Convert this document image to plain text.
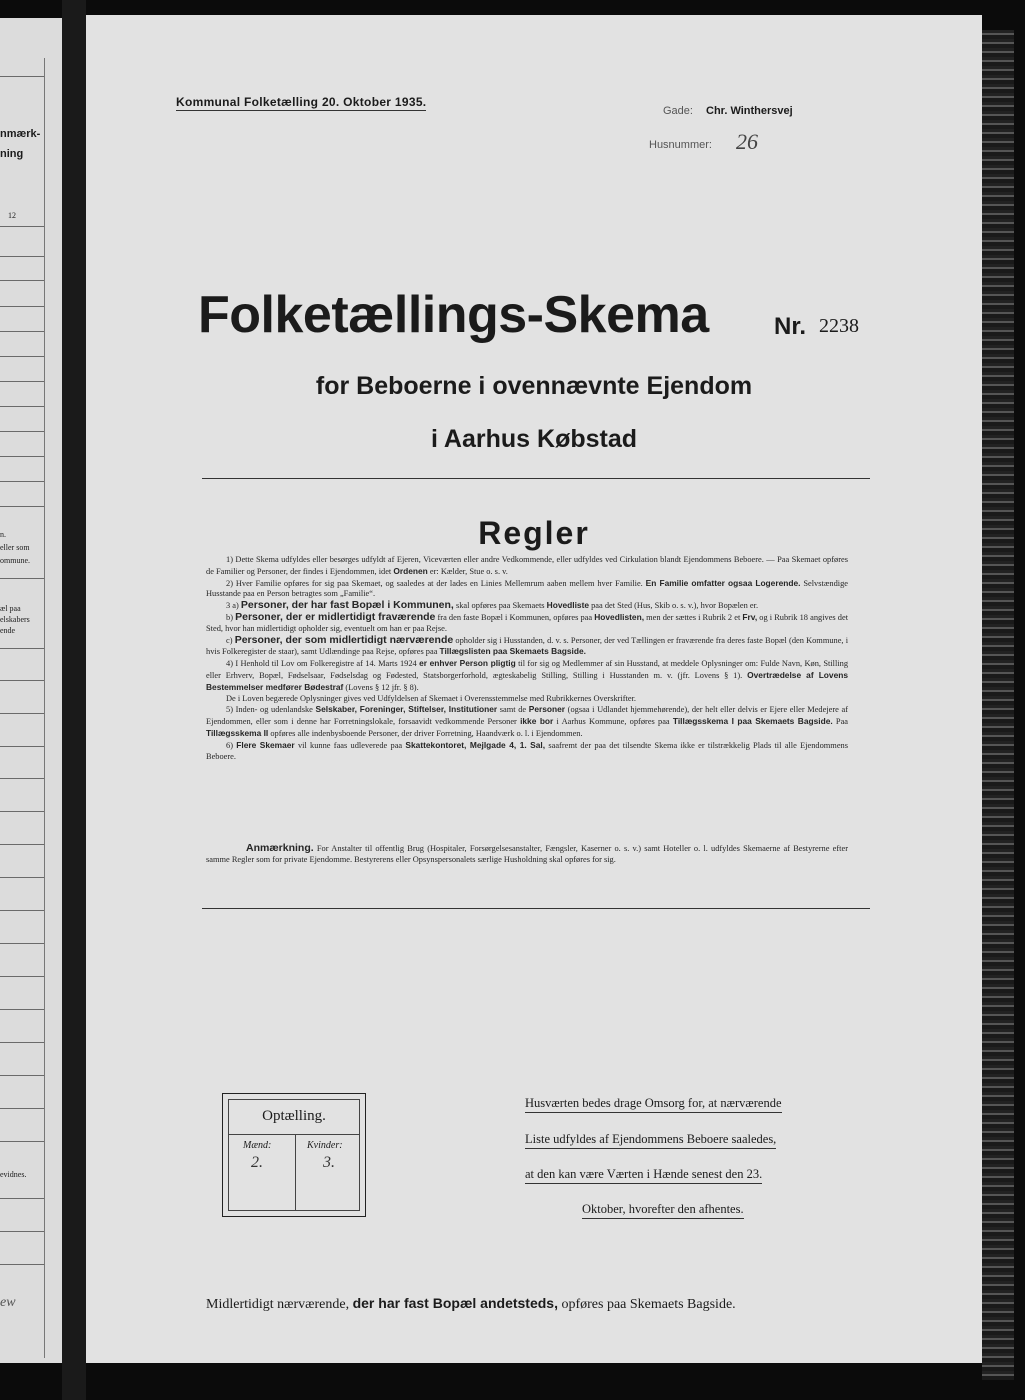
nmærk-
ning
12
n.
eller som
ommune.
æl paa
elskabers
ende
evidnes.
ew
Kommunal Folketælling 20. Oktober 1935.
Gade: Chr. Winthersvej
Husnummer: 26
Folketællings-Skema	Nr. 2238
for Beboerne i ovennævnte Ejendom
i Aarhus Købstad
Regler

1) Dette Skema udfyldes eller besørges udfyldt af Ejeren, Viceværten eller andre Vedkommende, eller udfyldes ved Cirkulation blandt Ejendommens Beboere. — Paa Skemaet opføres de Familier og Personer, der findes i Ejendommen, idet Ordenen er: Kælder, Stue o. s. v.

2) Hver Familie opføres for sig paa Skemaet, og saaledes at der lades en Linies Mellemrum aaben mellem hver Familie. En Familie omfatter ogsaa Logerende. Selvstændige Husstande paa en Person betragtes som „Familie“.

3 a) Personer, der har fast Bopæl i Kommunen, skal opføres paa Skemaets Hovedliste paa det Sted (Hus, Skib o. s. v.), hvor Bopælen er.

b) Personer, der er midlertidigt fraværende fra den faste Bopæl i Kommunen, opføres paa Hovedlisten, men der sættes i Rubrik 2 et Frv, og i Rubrik 18 angives det Sted, hvor han midlertidigt opholder sig, eventuelt om han er paa Rejse.

c) Personer, der som midlertidigt nærværende opholder sig i Husstanden, d. v. s. Personer, der ved Tællingen er fraværende fra deres faste Bopæl (den Kommune, i hvis Folkeregister de staar), samt Udlændinge paa Rejse, opføres paa Tillægslisten paa Skemaets Bagside.

4) I Henhold til Lov om Folkeregistre af 14. Marts 1924 er enhver Person pligtig til for sig og Medlemmer af sin Husstand, at meddele Oplysninger om: Fulde Navn, Køn, Stilling eller Erhverv, Bopæl, Fødselsaar, Fødselsdag og Fødested, Statsborgerforhold, ægteskabelig Stilling, Stilling i Husstanden m. v. (jfr. Lovens § 1). Overtrædelse af Lovens Bestemmelser medfører Bødestraf (Lovens § 12 jfr. § 8).

De i Loven begærede Oplysninger gives ved Udfyldelsen af Skemaet i Overensstemmelse med Rubrikkernes Overskrifter.

5) Inden- og udenlandske Selskaber, Foreninger, Stiftelser, Institutioner samt de Personer (ogsaa i Udlandet hjemmehørende), der helt eller delvis er Ejere eller Medejere af Ejendommen, eller som i denne har Forretningslokale, forsaavidt vedkommende Personer ikke bor i Aarhus Kommune, opføres paa Tillægsskema I paa Skemaets Bagside. Paa Tillægsskema II opføres alle indenbysboende Personer, der driver Forretning, Haandværk o. l. i Ejendommen.

6) Flere Skemaer vil kunne faas udleverede paa Skattekontoret, Mejlgade 4, 1. Sal, saafremt der paa det tilsendte Skema ikke er tilstrækkelig Plads til alle Ejendommens Beboere.

Anmærkning. For Anstalter til offentlig Brug (Hospitaler, Forsørgelsesanstalter, Fængsler, Kaserner o. s. v.) samt Hoteller o. l. udfyldes Skemaerne af Bestyrerne efter samme Regler som for private Ejendomme. Bestyrerens eller Opsynspersonalets særlige Husholdning skal opføres for sig.

Optælling.
Mænd:	Kvinder:
2.	3.
Husværten bedes drage Omsorg for, at nærværende
Liste udfyldes af Ejendommens Beboere saaledes,
at den kan være Værten i Hænde senest den 23.
Oktober, hvorefter den afhentes.
Midlertidigt nærværende, der har fast Bopæl andetsteds, opføres paa Skemaets Bagside.
